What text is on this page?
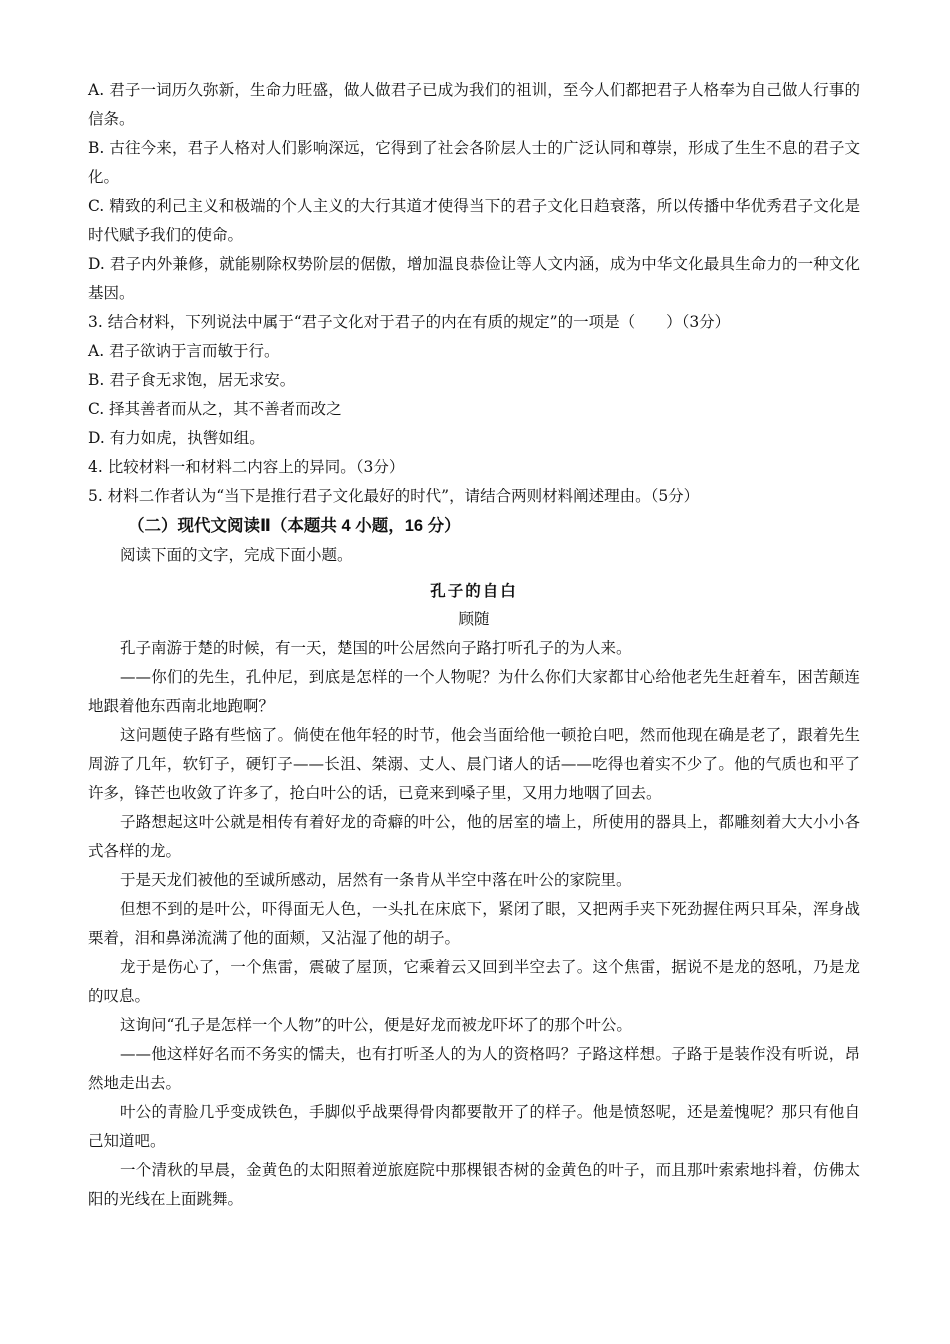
A. 君子一词历久弥新，生命力旺盛，做人做君子已成为我们的祖训，至今人们都把君子人格奉为自己做人行事的信条。

B. 古往今来，君子人格对人们影响深远，它得到了社会各阶层人士的广泛认同和尊崇，形成了生生不息的君子文化。

C. 精致的利己主义和极端的个人主义的大行其道才使得当下的君子文化日趋衰落，所以传播中华优秀君子文化是时代赋予我们的使命。

D. 君子内外兼修，就能剔除权势阶层的倨傲，增加温良恭俭让等人文内涵，成为中华文化最具生命力的一种文化基因。

3. 结合材料，下列说法中属于“君子文化对于君子的内在有质的规定”的一项是（　　）（3分）

A. 君子欲讷于言而敏于行。

B. 君子食无求饱，居无求安。

C. 择其善者而从之，其不善者而改之

D. 有力如虎，执辔如组。

4. 比较材料一和材料二内容上的异同。（3分）

5. 材料二作者认为“当下是推行君子文化最好的时代”，请结合两则材料阐述理由。（5分）

（二）现代文阅读Ⅱ（本题共 4 小题，16 分）

阅读下面的文字，完成下面小题。

孔子的自白

顾随

孔子南游于楚的时候，有一天，楚国的叶公居然向子路打听孔子的为人来。

——你们的先生，孔仲尼，到底是怎样的一个人物呢？为什么你们大家都甘心给他老先生赶着车，困苦颠连地跟着他东西南北地跑啊？

这问题使子路有些恼了。倘使在他年轻的时节，他会当面给他一顿抢白吧，然而他现在确是老了，跟着先生周游了几年，软钉子，硬钉子——长沮、桀溺、丈人、晨门诸人的话——吃得也着实不少了。他的气质也和平了许多，锋芒也收敛了许多了，抢白叶公的话，已竟来到嗓子里，又用力地咽了回去。

子路想起这叶公就是相传有着好龙的奇癖的叶公，他的居室的墙上，所使用的器具上，都雕刻着大大小小各式各样的龙。

于是天龙们被他的至诚所感动，居然有一条肯从半空中落在叶公的家院里。

但想不到的是叶公，吓得面无人色，一头扎在床底下，紧闭了眼，又把两手夹下死劲握住两只耳朵，浑身战栗着，泪和鼻涕流满了他的面颊，又沾湿了他的胡子。

龙于是伤心了，一个焦雷，震破了屋顶，它乘着云又回到半空去了。这个焦雷，据说不是龙的怒吼，乃是龙的叹息。

这询问“孔子是怎样一个人物”的叶公，便是好龙而被龙吓坏了的那个叶公。

——他这样好名而不务实的懦夫，也有打听圣人的为人的资格吗？子路这样想。子路于是装作没有听说，昂然地走出去。

叶公的青脸几乎变成铁色，手脚似乎战栗得骨肉都要散开了的样子。他是愤怒呢，还是羞愧呢？那只有他自己知道吧。

一个清秋的早晨，金黄色的太阳照着逆旅庭院中那棵银杏树的金黄色的叶子，而且那叶索索地抖着，仿佛太阳的光线在上面跳舞。
